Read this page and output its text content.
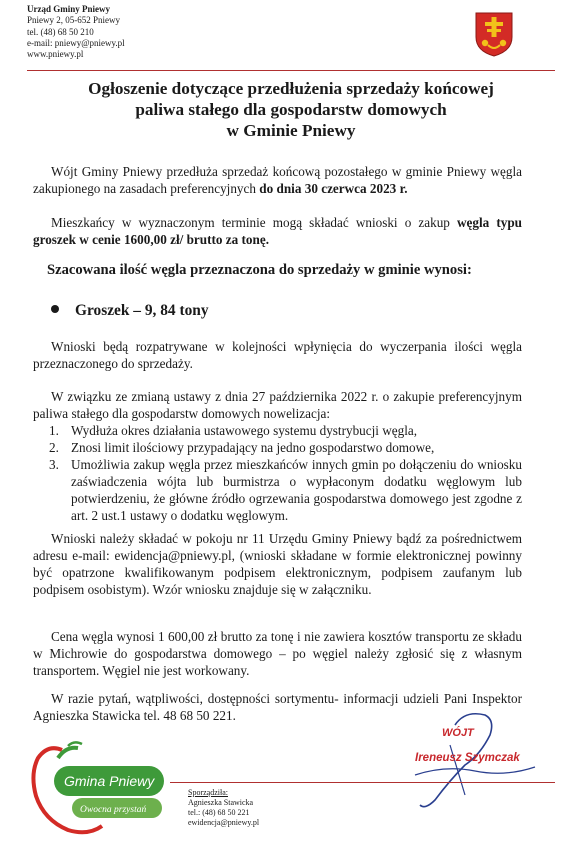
Urząd Gminy Pniewy
Pniewy 2, 05-652 Pniewy
tel. (48) 68 50 210
e-mail: pniewy@pniewy.pl
www.pniewy.pl
Ogłoszenie dotyczące przedłużenia sprzedaży końcowej
paliwa stałego dla gospodarstw domowych
w Gminie Pniewy
Wójt Gminy Pniewy przedłuża sprzedaż końcową pozostałego w gminie Pniewy węgla zakupionego na zasadach preferencyjnych do dnia 30 czerwca 2023 r.
Mieszkańcy w wyznaczonym terminie mogą składać wnioski o zakup węgla typu groszek w cenie 1600,00 zł/ brutto za tonę.
Szacowana ilość węgla przeznaczona do sprzedaży w gminie wynosi:
Groszek – 9, 84 tony
Wnioski będą rozpatrywane w kolejności wpłynięcia do wyczerpania ilości węgla przeznaczonego do sprzedaży.
W związku ze zmianą ustawy z dnia 27 października 2022 r. o zakupie preferencyjnym paliwa stałego dla gospodarstw domowych nowelizacja:
1. Wydłuża okres działania ustawowego systemu dystrybucji węgla,
2. Znosi limit ilościowy przypadający na jedno gospodarstwo domowe,
3. Umożliwia zakup węgla przez mieszkańców innych gmin po dołączeniu do wniosku zaświadczenia wójta lub burmistrza o wypłaconym dodatku węglowym lub potwierdzeniu, że główne źródło ogrzewania gospodarstwa domowego jest zgodne z art. 2 ust.1 ustawy o dodatku węglowym.
Wnioski należy składać w pokoju nr 11 Urzędu Gminy Pniewy bądź za pośrednictwem adresu e-mail: ewidencja@pniewy.pl, (wnioski składane w formie elektronicznej powinny być opatrzone kwalifikowanym podpisem elektronicznym, podpisem zaufanym lub podpisem osobistym). Wzór wniosku znajduje się w załączniku.
Cena węgla wynosi 1 600,00 zł brutto za tonę i nie zawiera kosztów transportu ze składu w Michrowie do gospodarstwa domowego – po węgiel należy zgłosić się z własnym transportem. Węgiel nie jest workowany.
W razie pytań, wątpliwości, dostępności sortymentu- informacji udzieli Pani Inspektor Agnieszka Stawicka tel. 48 68 50 221.
WÓJT
Ireneusz Szymczak
Gmina Pniewy
Owocna przystań
Sporządziła:
Agnieszka Stawicka
tel.: (48) 68 50 221
ewidencja@pniewy.pl
